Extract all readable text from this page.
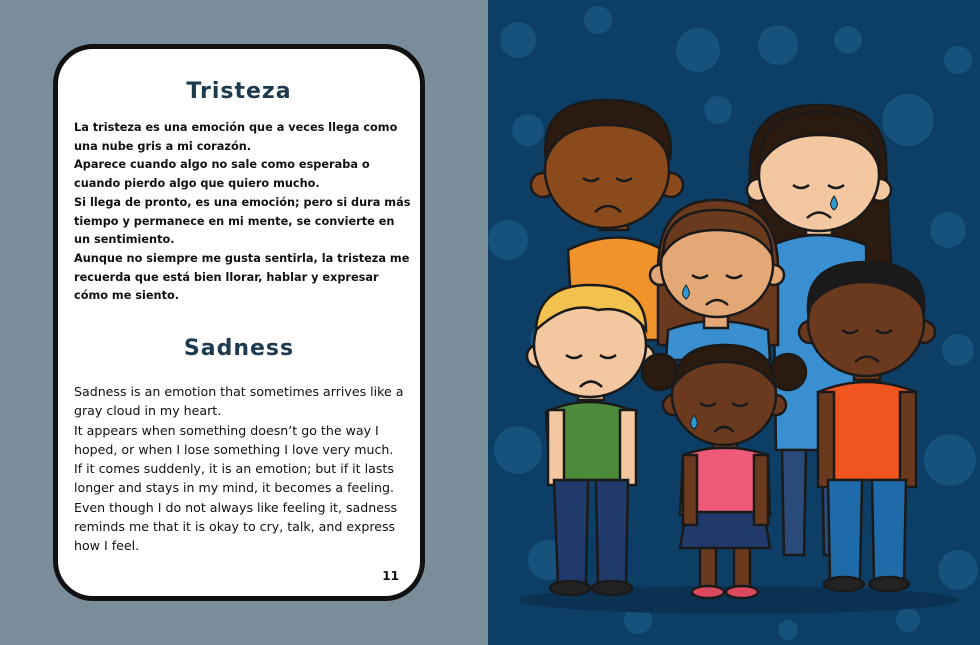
Tristeza

La tristeza es una emoción que a veces llega como una nube gris a mi corazón.
Aparece cuando algo no sale como esperaba o cuando pierdo algo que quiero mucho.
Si llega de pronto, es una emoción; pero si dura más tiempo y permanece en mi mente, se convierte en un sentimiento.
Aunque no siempre me gusta sentirla, la tristeza me recuerda que está bien llorar, hablar y expresar cómo me siento.

Sadness

Sadness is an emotion that sometimes arrives like a gray cloud in my heart.
It appears when something doesn’t go the way I hoped, or when I lose something I love very much.
If it comes suddenly, it is an emotion; but if it lasts longer and stays in my mind, it becomes a feeling.
Even though I do not always like feeling it, sadness reminds me that it is okay to cry, talk, and express how I feel.

11
